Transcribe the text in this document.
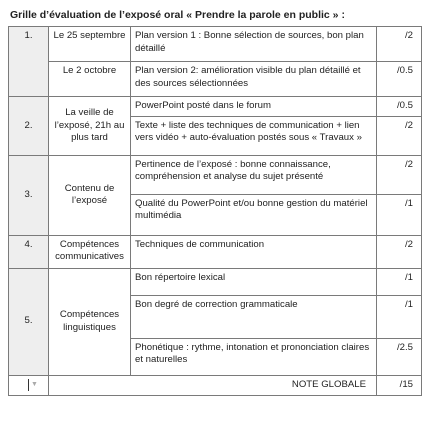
Grille d’évaluation de l’exposé oral « Prendre la parole en public » :
1.	Le 25 septembre	Plan version 1 : Bonne sélection de sources, bon plan détaillé	/2
	Le 2 octobre	Plan version 2: amélioration visible du plan détaillé et des sources sélectionnées	/0.5
2.	La veille de l’exposé, 21h au plus tard	PowerPoint posté dans le forum	/0.5
		Texte + liste des techniques de communication + lien vers vidéo + auto-évaluation postés sous « Travaux »	/2
3.	Contenu de l’exposé	Pertinence de l’exposé : bonne connaissance, compréhension et analyse du sujet présenté	/2
		Qualité du PowerPoint et/ou bonne gestion du matériel multimédia	/1
4.	Compétences communicatives	Techniques de communication	/2
5.	Compétences linguistiques	Bon répertoire lexical	/1
		Bon degré de correction grammaticale	/1
		Phonétique : rythme, intonation et prononciation claires et naturelles	/2.5

▼	NOTE GLOBALE		/15
